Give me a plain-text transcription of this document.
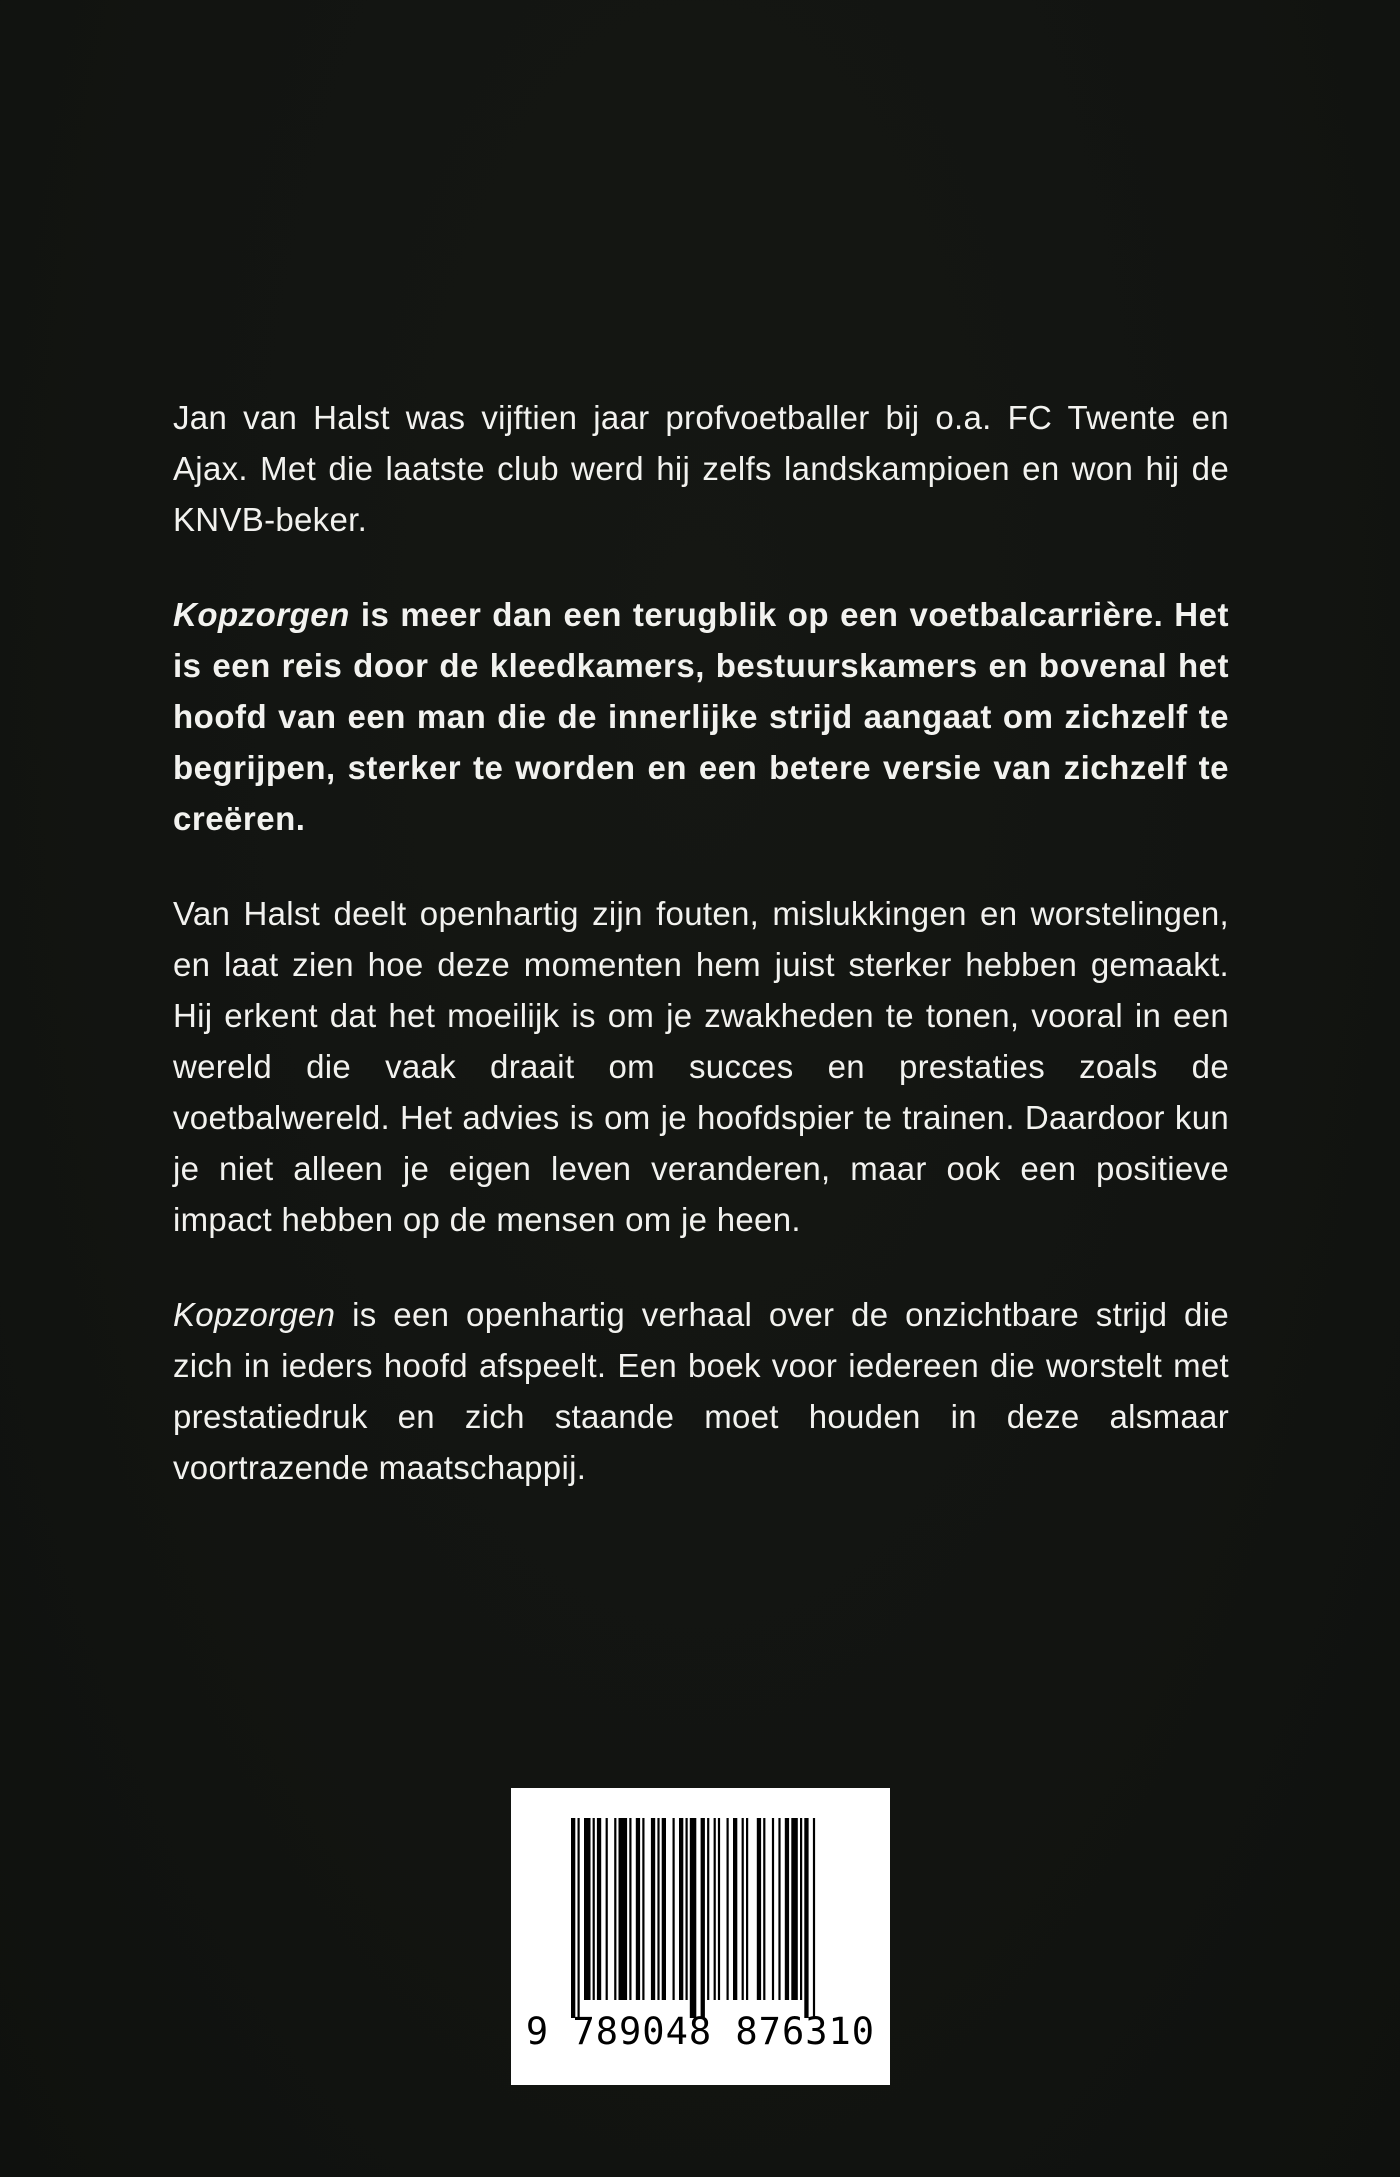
Jan van Halst was vijftien jaar profvoetballer bij o.a. FC Twente en Ajax. Met die laatste club werd hij zelfs landskampioen en won hij de KNVB-beker.

Kopzorgen is meer dan een terugblik op een voetbalcarrière. Het is een reis door de kleedkamers, bestuurskamers en bovenal het hoofd van een man die de innerlijke strijd aangaat om zichzelf te begrijpen, sterker te worden en een betere versie van zichzelf te creëren.

Van Halst deelt openhartig zijn fouten, mislukkingen en worstelingen, en laat zien hoe deze momenten hem juist sterker hebben gemaakt. Hij erkent dat het moeilijk is om je zwakheden te tonen, vooral in een wereld die vaak draait om succes en prestaties zoals de voetbalwereld. Het advies is om je hoofdspier te trainen. Daardoor kun je niet alleen je eigen leven veranderen, maar ook een positieve impact hebben op de mensen om je heen.

Kopzorgen is een openhartig verhaal over de onzichtbare strijd die zich in ieders hoofd afspeelt. Een boek voor iedereen die worstelt met prestatiedruk en zich staande moet houden in deze alsmaar voortrazende maatschappij.

9 789048 876310
